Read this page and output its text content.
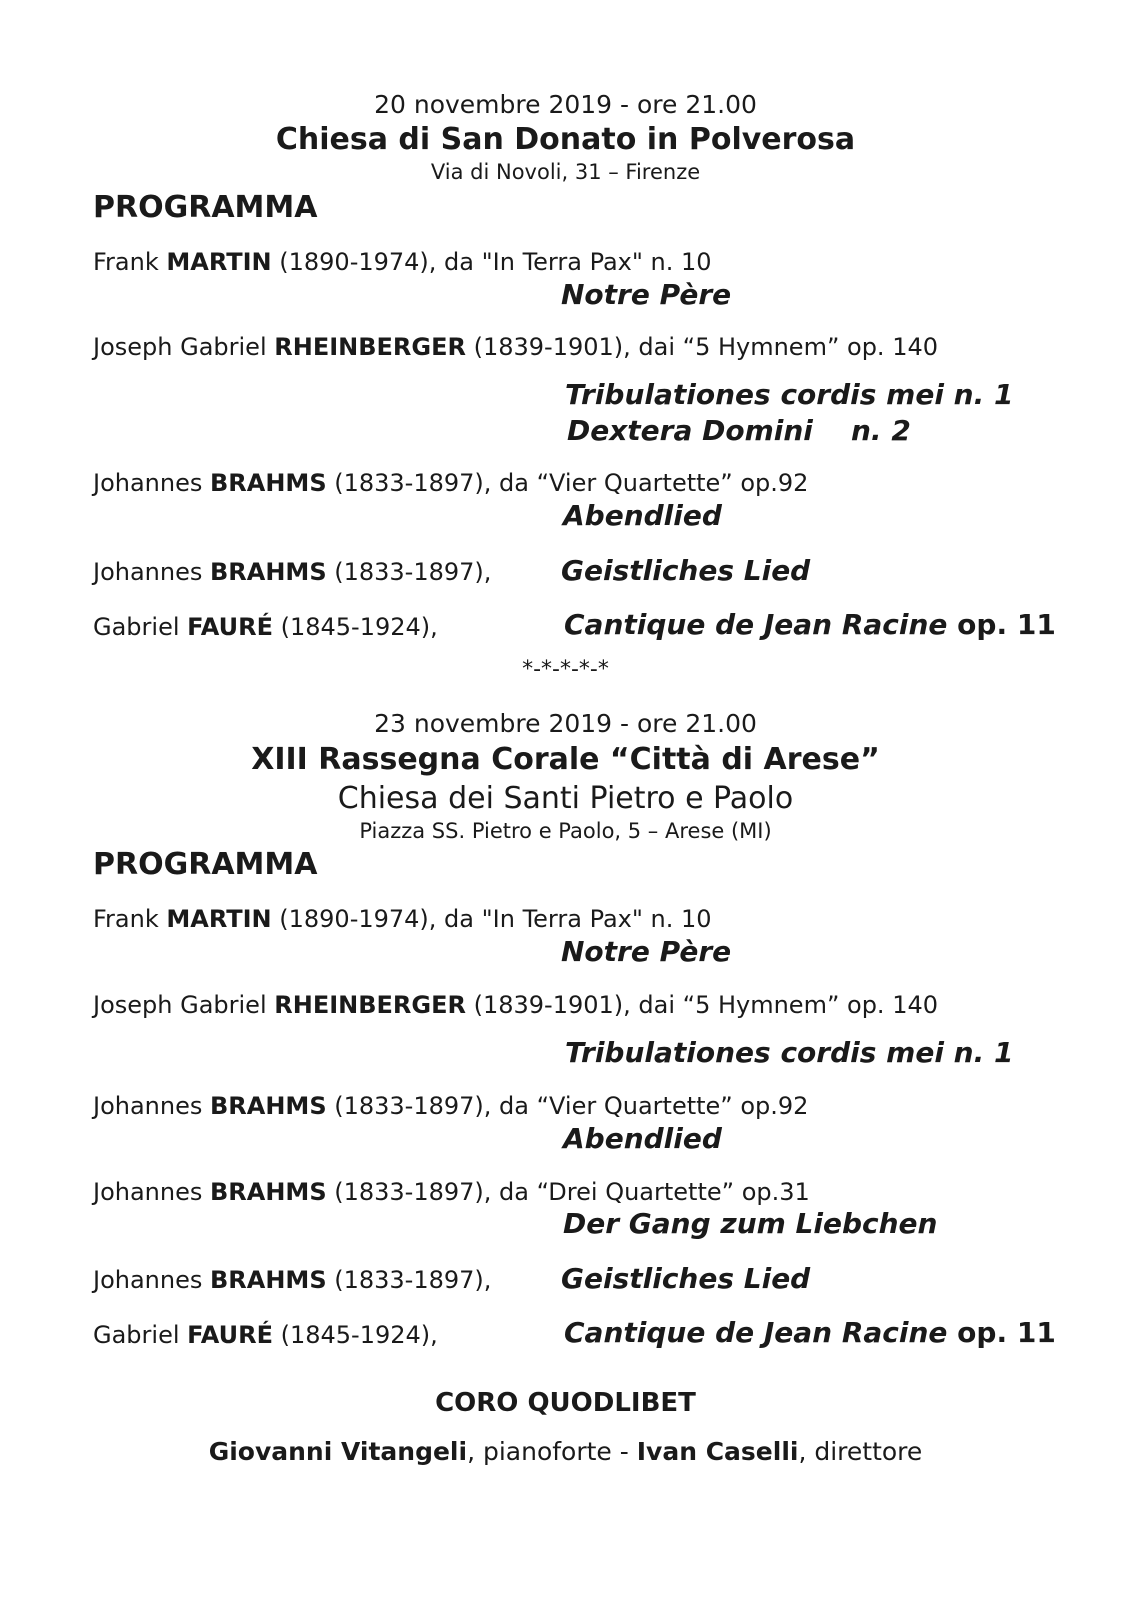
20 novembre 2019 - ore 21.00
Chiesa di San Donato in Polverosa
Via di Novoli, 31 – Firenze
PROGRAMMA
Frank MARTIN (1890-1974), da "In Terra Pax" n. 10
Notre Père
Joseph Gabriel RHEINBERGER (1839-1901), dai “5 Hymnem” op. 140
Tribulationes cordis mei n. 1
Dextera Domini n. 2
Johannes BRAHMS (1833-1897), da “Vier Quartette” op.92
Abendlied
Johannes BRAHMS (1833-1897), Geistliches Lied
Gabriel FAURÉ (1845-1924),	Cantique de Jean Racine op. 11
*-*-*-*-*
23 novembre 2019 - ore 21.00
XIII Rassegna Corale “Città di Arese”
Chiesa dei Santi Pietro e Paolo
Piazza SS. Pietro e Paolo, 5 – Arese (MI)
PROGRAMMA
Frank MARTIN (1890-1974), da "In Terra Pax" n. 10
Notre Père
Joseph Gabriel RHEINBERGER (1839-1901), dai “5 Hymnem” op. 140
Tribulationes cordis mei n. 1
Johannes BRAHMS (1833-1897), da “Vier Quartette” op.92
Abendlied
Johannes BRAHMS (1833-1897), da “Drei Quartette” op.31
Der Gang zum Liebchen
Johannes BRAHMS (1833-1897), Geistliches Lied
Gabriel FAURÉ (1845-1924),	Cantique de Jean Racine op. 11
CORO QUODLIBET
Giovanni Vitangeli, pianoforte - Ivan Caselli, direttore
